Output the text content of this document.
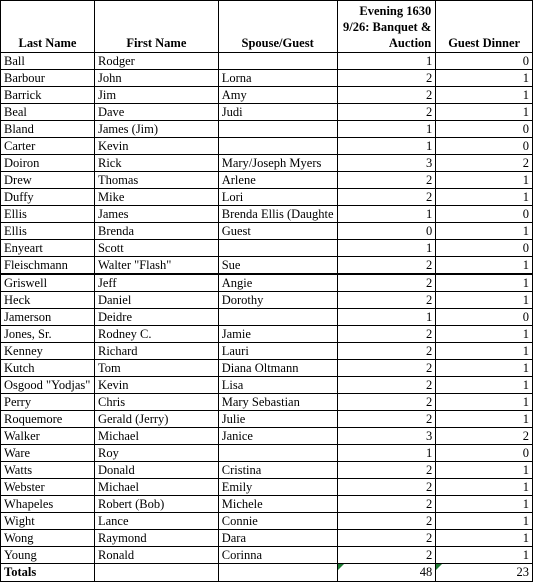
Last Name	First Name	Spouse/Guest	Evening 1630
9/26: Banquet &
Auction	Guest Dinner
Ball	Rodger		1	0
Barbour	John	Lorna	2	1
Barrick	Jim	Amy	2	1
Beal	Dave	Judi	2	1
Bland	James (Jim)		1	0
Carter	Kevin		1	0
Doiron	Rick	Mary/Joseph Myers	3	2
Drew	Thomas	Arlene	2	1
Duffy	Mike	Lori	2	1
Ellis	James	Brenda Ellis (Daughte	1	0
Ellis	Brenda	Guest	0	1
Enyeart	Scott		1	0
Fleischmann	Walter "Flash"	Sue	2	1
Griswell	Jeff	Angie	2	1
Heck	Daniel	Dorothy	2	1
Jamerson	Deidre		1	0
Jones, Sr.	Rodney C.	Jamie	2	1
Kenney	Richard	Lauri	2	1
Kutch	Tom	Diana Oltmann	2	1
Osgood "Yodjas"	Kevin	Lisa	2	1
Perry	Chris	Mary Sebastian	2	1
Roquemore	Gerald (Jerry)	Julie	2	1
Walker	Michael	Janice	3	2
Ware	Roy		1	0
Watts	Donald	Cristina	2	1
Webster	Michael	Emily	2	1
Whapeles	Robert (Bob)	Michele	2	1
Wight	Lance	Connie	2	1
Wong	Raymond	Dara	2	1
Young	Ronald	Corinna	2	1
Totals			48	23
